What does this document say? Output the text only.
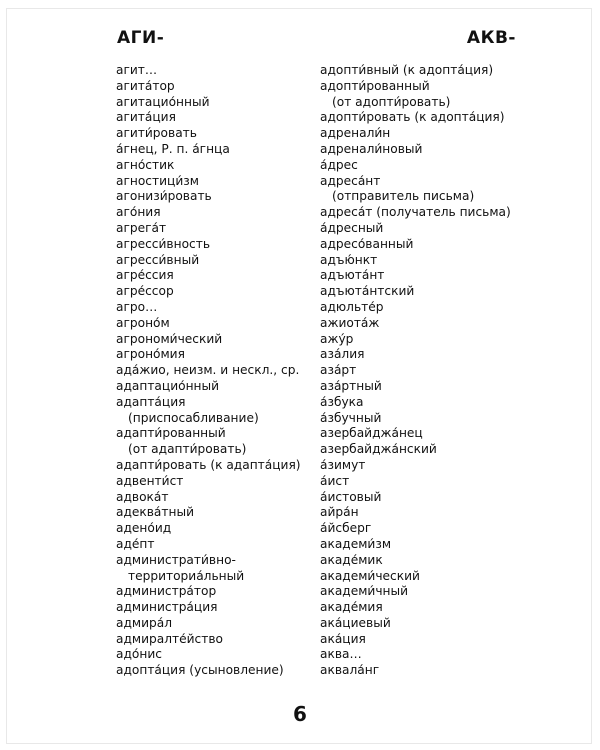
АГИ-	АКВ-
агит…
агита́тор
агитацио́нный
агита́ция
агити́ровать
а́гнец, Р. п. а́гнца
агно́стик
агностици́зм
агонизи́ровать
аго́ния
агрега́т
агресси́вность
агресси́вный
агре́ссия
агре́ссор
агро…
агроно́м
агрономи́ческий
агроно́мия
ада́жио, неизм. и нескл., ср.
адаптацио́нный
адапта́ция
(приспосабливание)
адапти́рованный
(от адапти́ровать)
адапти́ровать (к адапта́ция)
адвенти́ст
адвока́т
адеква́тный
адено́ид
аде́пт
администрати́вно-
территориа́льный
администра́тор
администра́ция
адмира́л
адмиралте́йство
адо́нис
адопта́ция (усыновление)
адопти́вный (к адопта́ция)
адопти́рованный
(от адопти́ровать)
адопти́ровать (к адопта́ция)
адренали́н
адренали́новый
а́дрес
адреса́нт
(отправитель письма)
адреса́т (получатель письма)
а́дресный
адресо́ванный
адъю́нкт
адъюта́нт
адъюта́нтский
адюльте́р
ажиота́ж
ажу́р
аза́лия
аза́рт
аза́ртный
а́збука
а́збучный
азербайджа́нец
азербайджа́нский
а́зимут
а́ист
а́истовый
айра́н
а́йсберг
академи́зм
акаде́мик
академи́ческий
академи́чный
акаде́мия
ака́циевый
ака́ция
аква…
аквала́нг
6
